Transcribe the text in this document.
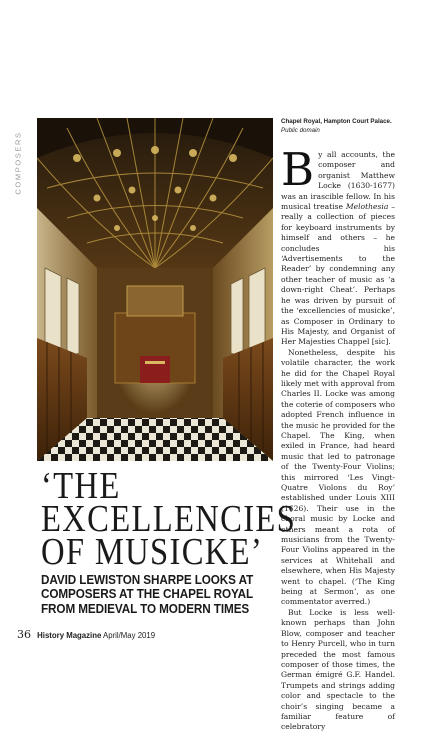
COMPOSERS
Chapel Royal, Hampton Court Palace.
Public domain

By all accounts, the composer and organist Matthew Locke (1630-1677) was an irascible fellow. In his musical treatise Melothesia – really a collection of pieces for keyboard instruments by himself and others – he concludes his ‘Advertisements to the Reader’ by condemning any other teacher of music as ‘a down-right Cheat’. Perhaps he was driven by pursuit of the ‘excellencies of musicke’, as Composer in Ordinary to His Majesty, and Organist of Her Majesties Chappel [sic].

Nonetheless, despite his volatile character, the work he did for the Chapel Royal likely met with approval from Charles II. Locke was among the coterie of composers who adopted French influence in the music he provided for the Chapel. The King, when exiled in France, had heard music that led to patronage of the Twenty-Four Violins; this mirrored ‘Les Vingt-Quatre Violons du Roy’ established under Louis XIII (1626). Their use in the choral music by Locke and others meant a rota of musicians from the Twenty-Four Violins appeared in the services at Whitehall and elsewhere, when His Majesty went to chapel. (‘The King being at Sermon’, as one commentator averred.)

But Locke is less well-known perhaps than John Blow, composer and teacher to Henry Purcell, who in turn preceded the most famous composer of those times, the German émigré G.F. Handel. Trumpets and strings adding color and spectacle to the choir’s singing became a familiar feature of celebratory

‘THE
EXCELLENCIES
OF MUSICKE’
DAVID LEWISTON SHARPE LOOKS AT COMPOSERS AT THE CHAPEL ROYAL FROM MEDIEVAL TO MODERN TIMES
36 History Magazine April/May 2019
